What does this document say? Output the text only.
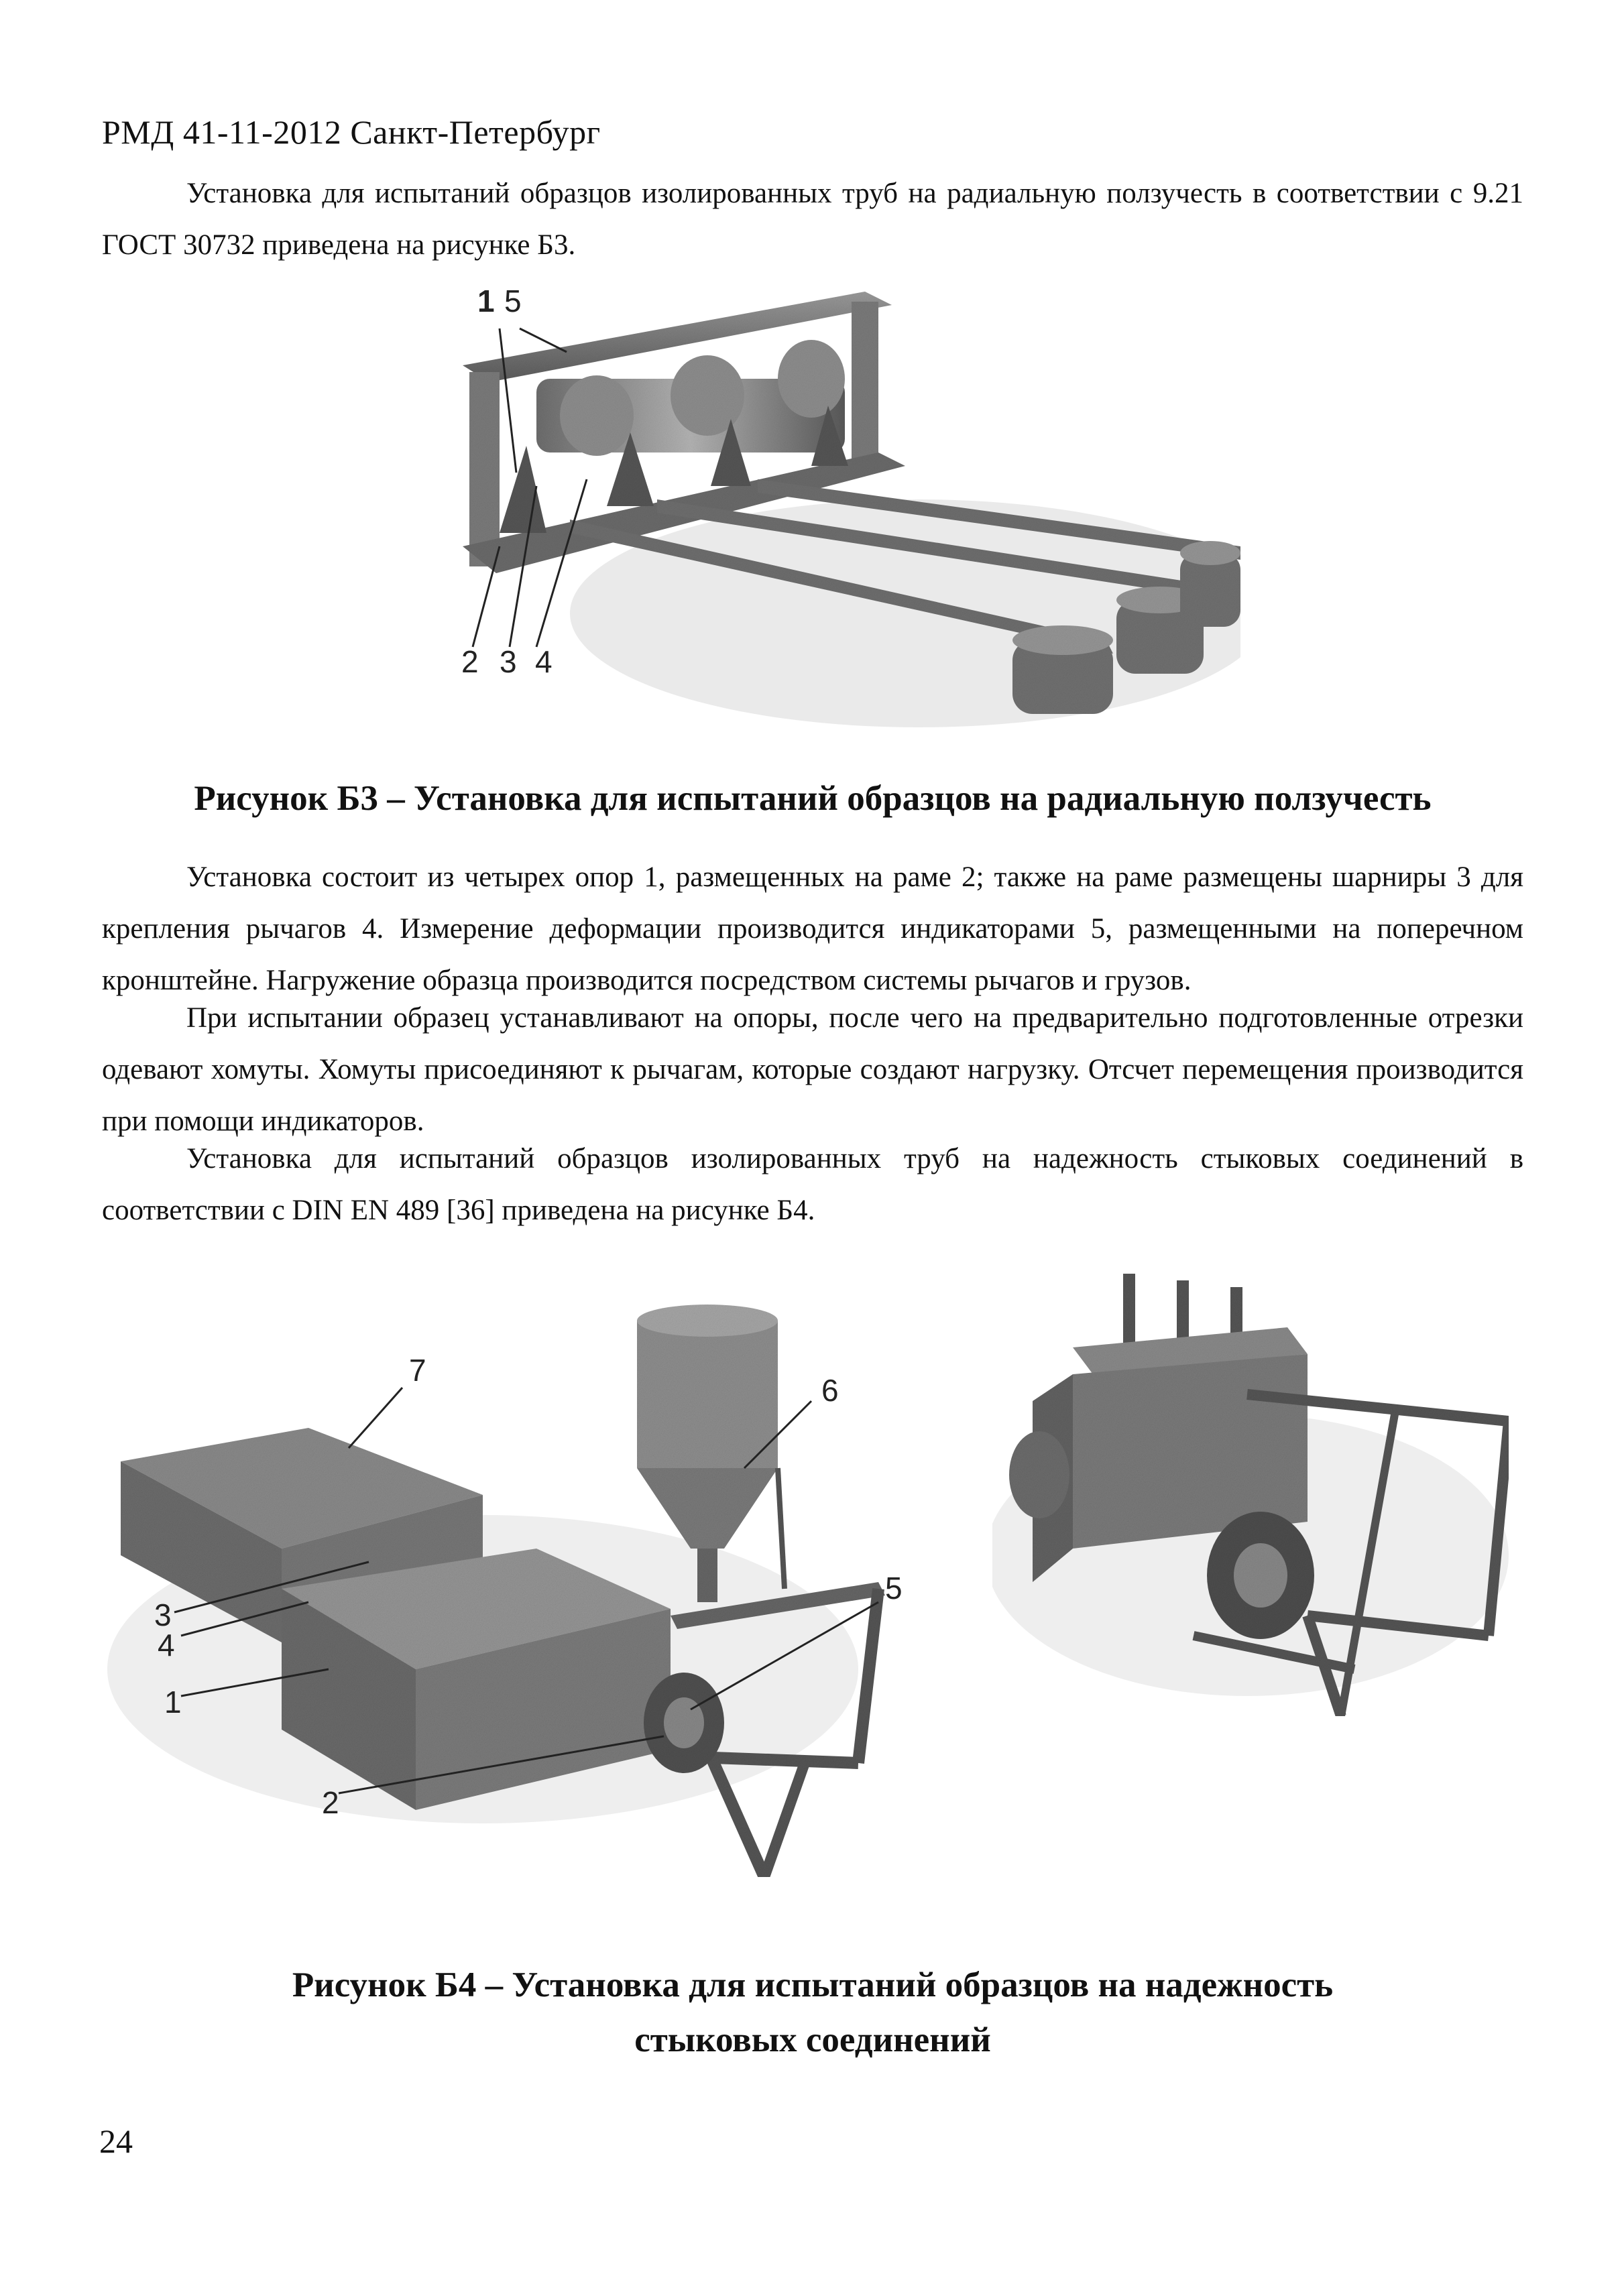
РМД 41-11-2012 Санкт-Петербург

Установка для испытаний образцов изолированных труб на радиальную ползучесть в соответствии с 9.21 ГОСТ 30732 приведена на рисунке Б3.

1 5
2 3 4

Рисунок Б3 – Установка для испытаний образцов на радиальную ползучесть

Установка состоит из четырех опор 1, размещенных на раме 2; также на раме размещены шарниры 3 для крепления рычагов 4. Измерение деформации производится индикаторами 5, размещенными на поперечном кронштейне. Нагружение образца производится посредством системы рычагов и грузов.

При испытании образец устанавливают на опоры, после чего на предварительно подготовленные отрезки одевают хомуты. Хомуты присоединяют к рычагам, которые создают нагрузку. Отсчет перемещения производится при помощи индикаторов.

Установка для испытаний образцов изолированных труб на надежность стыковых соединений в соответствии с DIN EN 489 [36] приведена на рисунке Б4.

7
6
5
3
4
1
2

Рисунок Б4 – Установка для испытаний образцов на надежность
стыковых соединений

24
